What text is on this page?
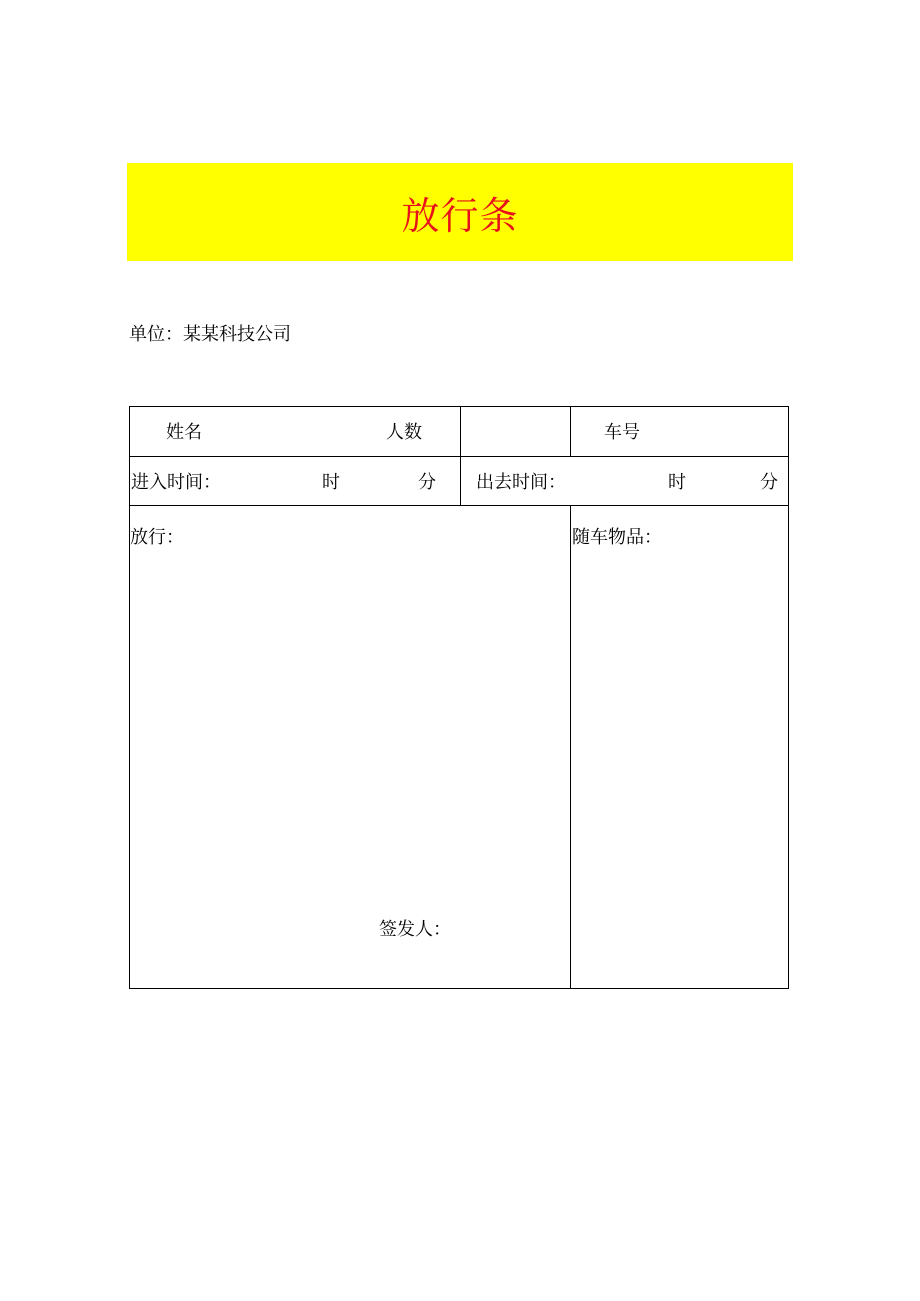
放行条
单位：某某科技公司
姓名	人数	车号
进入时间：	时	分 出去时间：	时	分
放行：	随车物品：
签发人：
